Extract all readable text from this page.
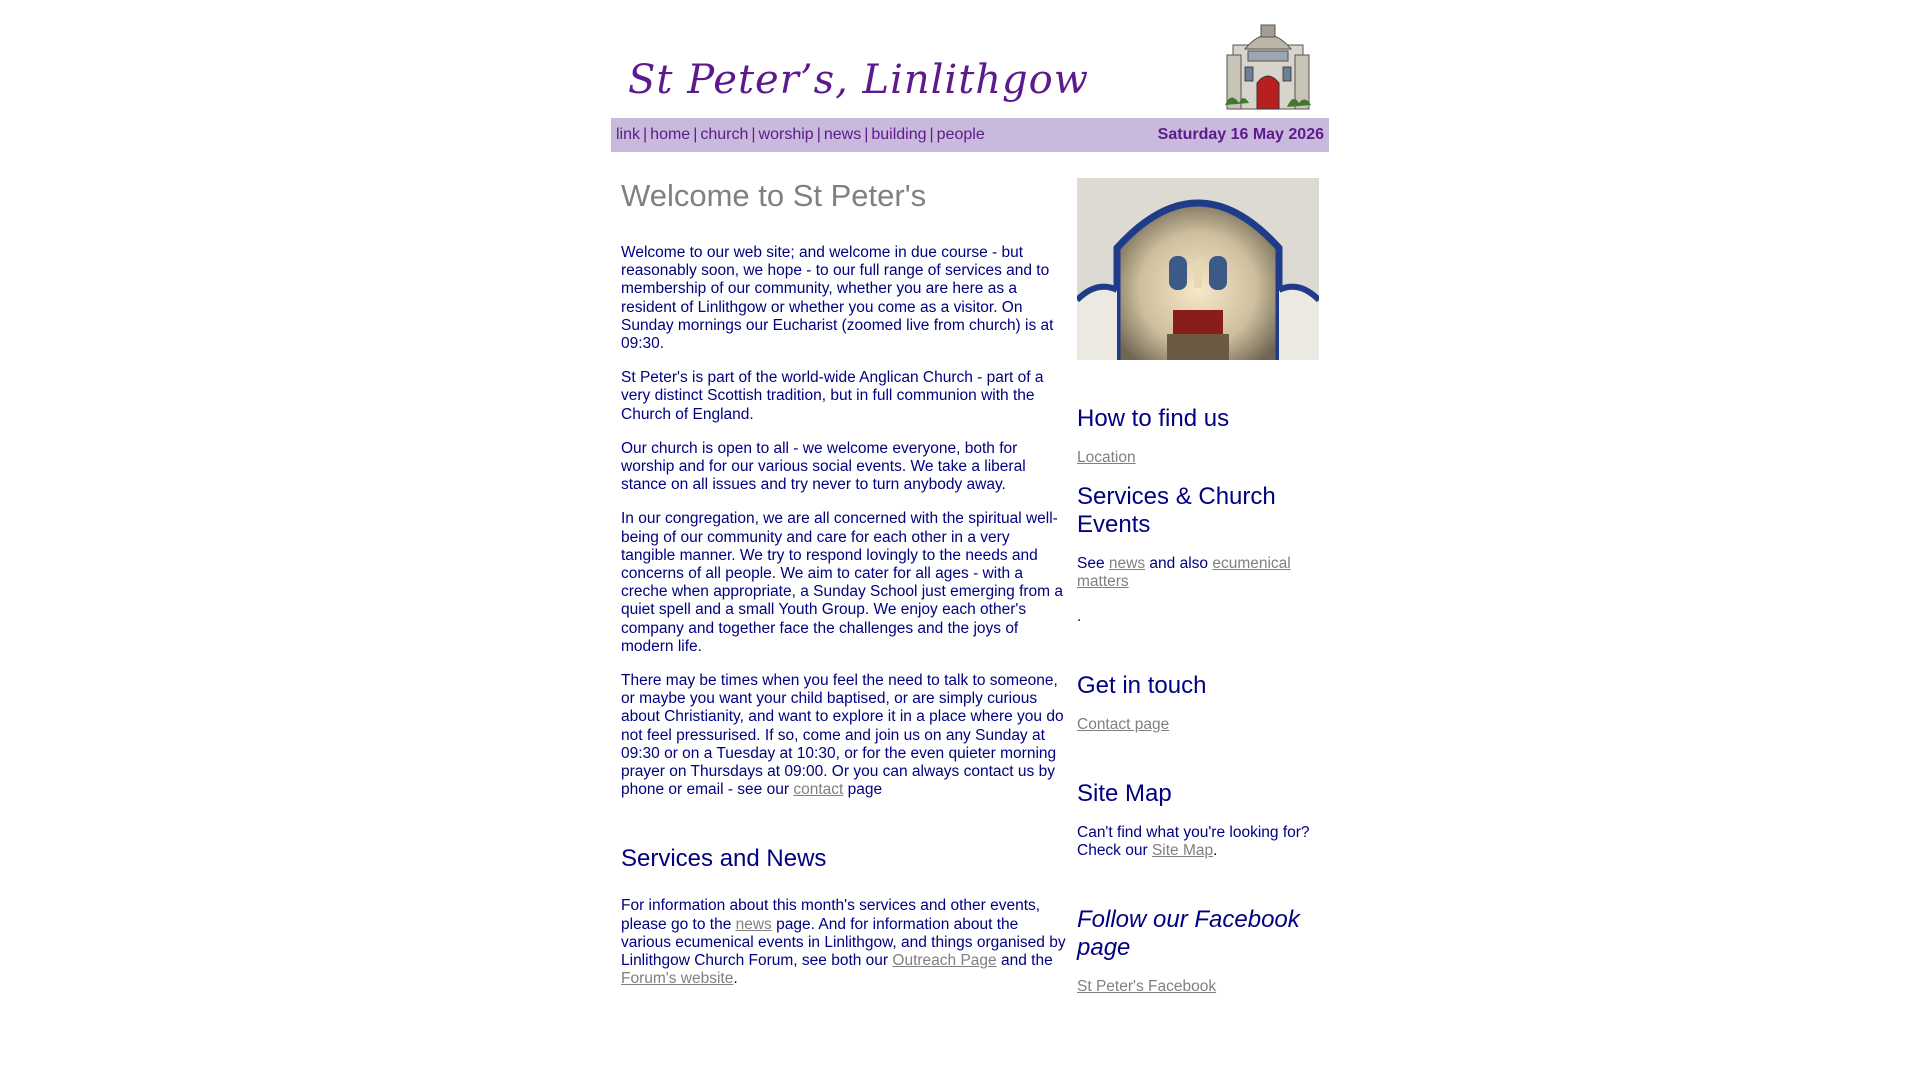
St Peter’s, Linlithgow
link | home | church | worship | news | building | people	Saturday 16 May 2026
Welcome to St Peter's

Welcome to our web site; and welcome in due course - but reasonably soon, we hope - to our full range of services and to membership of our community, whether you are here as a resident of Linlithgow or whether you come as a visitor. On Sunday mornings our Eucharist (zoomed live from church) is at 09:30.

St Peter's is part of the world-wide Anglican Church - part of a very distinct Scottish tradition, but in full communion with the Church of England.

Our church is open to all - we welcome everyone, both for worship and for our various social events. We take a liberal stance on all issues and try never to turn anybody away.

In our congregation, we are all concerned with the spiritual well-being of our community and care for each other in a very tangible manner. We try to respond lovingly to the needs and concerns of all people. We aim to cater for all ages - with a creche when appropriate, a Sunday School just emerging from a quiet spell and a small Youth Group. We enjoy each other's company and together face the challenges and the joys of modern life.

There may be times when you feel the need to talk to someone, or maybe you want your child baptised, or are simply curious about Christianity, and want to explore it in a place where you do not feel pressurised. If so, come and join us on any Sunday at 09:30 or on a Tuesday at 10:30, or for the even quieter morning prayer on Thursdays at 09:00. Or you can always contact us by phone or email - see our contact page

Services and News

For information about this month's services and other events, please go to the news page. And for information about the various ecumenical events in Linlithgow, and things organised by Linlithgow Church Forum, see both our Outreach Page and the Forum's website.

How to find us

Location

Services & Church Events

See news and also ecumenical matters

.

Get in touch

Contact page

Site Map

Can't find what you're looking for? Check our Site Map.

Follow our Facebook page

St Peter's Facebook
